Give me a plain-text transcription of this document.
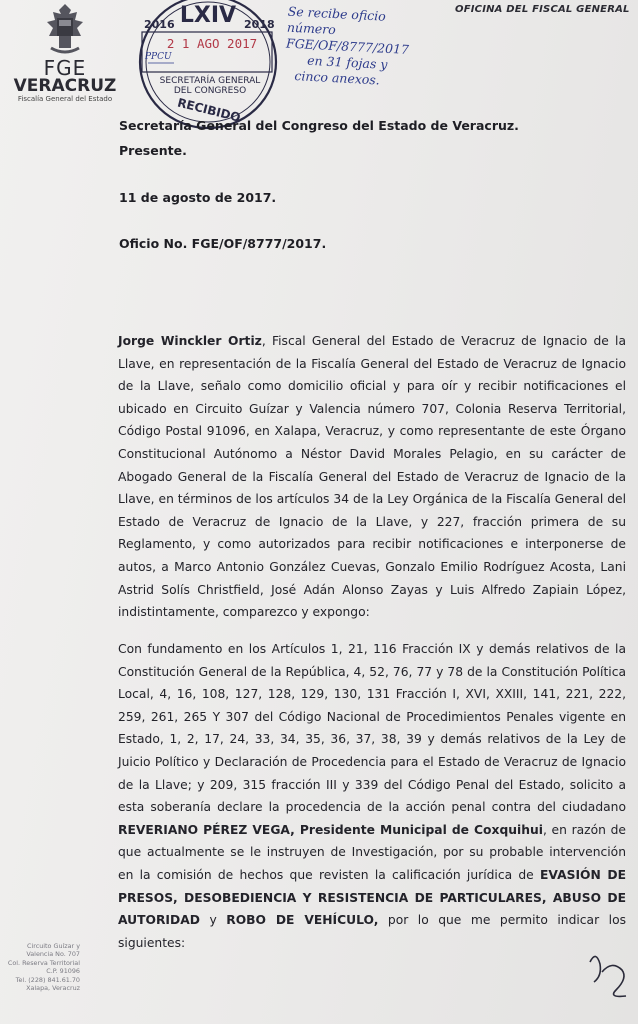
FGE
VERACRUZ
Fiscalía General del Estado
OFICINA DEL FISCAL GENERAL
LXIV
2016	2018
2 1 AGO 2017
PPCU
SECRETARÍA GENERAL
DEL CONGRESO
RECIBIDO
Se recibe oficio
número FGE/OF/8777/2017
en 31 fojas y
cinco anexos.
Secretaría General del Congreso del Estado de Veracruz.
Presente.
11 de agosto de 2017.
Oficio No. FGE/OF/8777/2017.
Jorge Winckler Ortiz, Fiscal General del Estado de Veracruz de Ignacio de la Llave, en representación de la Fiscalía General del Estado de Veracruz de Ignacio de la Llave, señalo como domicilio oficial y para oír y recibir notificaciones el ubicado en Circuito Guízar y Valencia número 707, Colonia Reserva Territorial, Código Postal 91096, en Xalapa, Veracruz, y como representante de este Órgano Constitucional Autónomo a Néstor David Morales Pelagio, en su carácter de Abogado General de la Fiscalía General del Estado de Veracruz de Ignacio de la Llave, en términos de los artículos 34 de la Ley Orgánica de la Fiscalía General del Estado de Veracruz de Ignacio de la Llave, y 227, fracción primera de su Reglamento, y como autorizados para recibir notificaciones e interponerse de autos, a Marco Antonio González Cuevas, Gonzalo Emilio Rodríguez Acosta, Lani Astrid Solís Christfield, José Adán Alonso Zayas y Luis Alfredo Zapiain López, indistintamente, comparezco y expongo:
Con fundamento en los Artículos 1, 21, 116 Fracción IX y demás relativos de la Constitución General de la República, 4, 52, 76, 77 y 78 de la Constitución Política Local, 4, 16, 108, 127, 128, 129, 130, 131 Fracción I, XVI, XXIII, 141, 221, 222, 259, 261, 265 Y 307 del Código Nacional de Procedimientos Penales vigente en Estado, 1, 2, 17, 24, 33, 34, 35, 36, 37, 38, 39 y demás relativos de la Ley de Juicio Político y Declaración de Procedencia para el Estado de Veracruz de Ignacio de la Llave; y 209, 315 fracción III y 339 del Código Penal del Estado, solicito a esta soberanía declare la procedencia de la acción penal contra del ciudadano REVERIANO PÉREZ VEGA, Presidente Municipal de Coxquihui, en razón de que actualmente se le instruyen de Investigación, por su probable intervención en la comisión de hechos que revisten la calificación jurídica de EVASIÓN DE PRESOS, DESOBEDIENCIA Y RESISTENCIA DE PARTICULARES, ABUSO DE AUTORIDAD y ROBO DE VEHÍCULO, por lo que me permito indicar los siguientes:
Circuito Guízar y
Valencia No. 707
Col. Reserva Territorial
C.P. 91096
Tel. (228) 841.61.70
Xalapa, Veracruz
